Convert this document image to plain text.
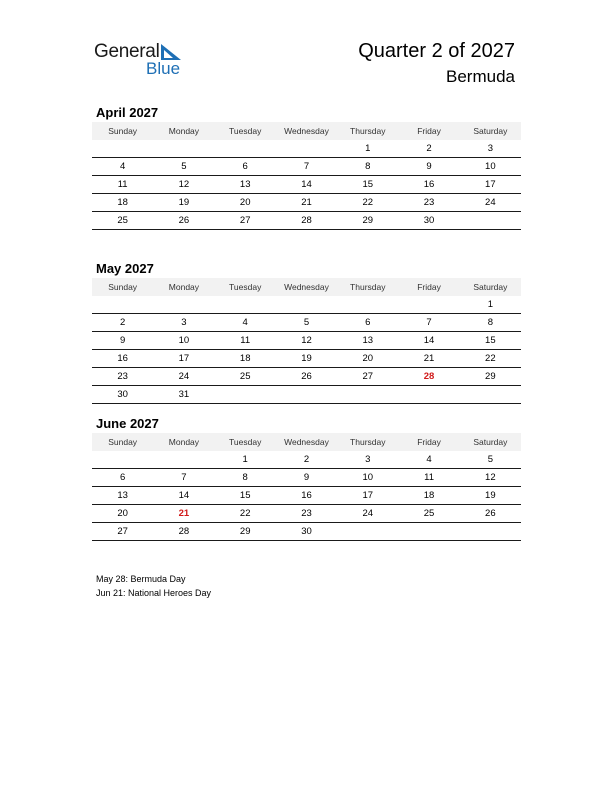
General
Blue
Quarter 2 of 2027
Bermuda
April 2027
Sunday	Monday	Tuesday	Wednesday	Thursday	Friday	Saturday
				1	2	3
4	5	6	7	8	9	10
11	12	13	14	15	16	17
18	19	20	21	22	23	24
25	26	27	28	29	30	
May 2027
Sunday	Monday	Tuesday	Wednesday	Thursday	Friday	Saturday
						1
2	3	4	5	6	7	8
9	10	11	12	13	14	15
16	17	18	19	20	21	22
23	24	25	26	27	28	29
30	31					
June 2027
Sunday	Monday	Tuesday	Wednesday	Thursday	Friday	Saturday
		1	2	3	4	5
6	7	8	9	10	11	12
13	14	15	16	17	18	19
20	21	22	23	24	25	26
27	28	29	30			
May 28: Bermuda Day
Jun 21: National Heroes Day
